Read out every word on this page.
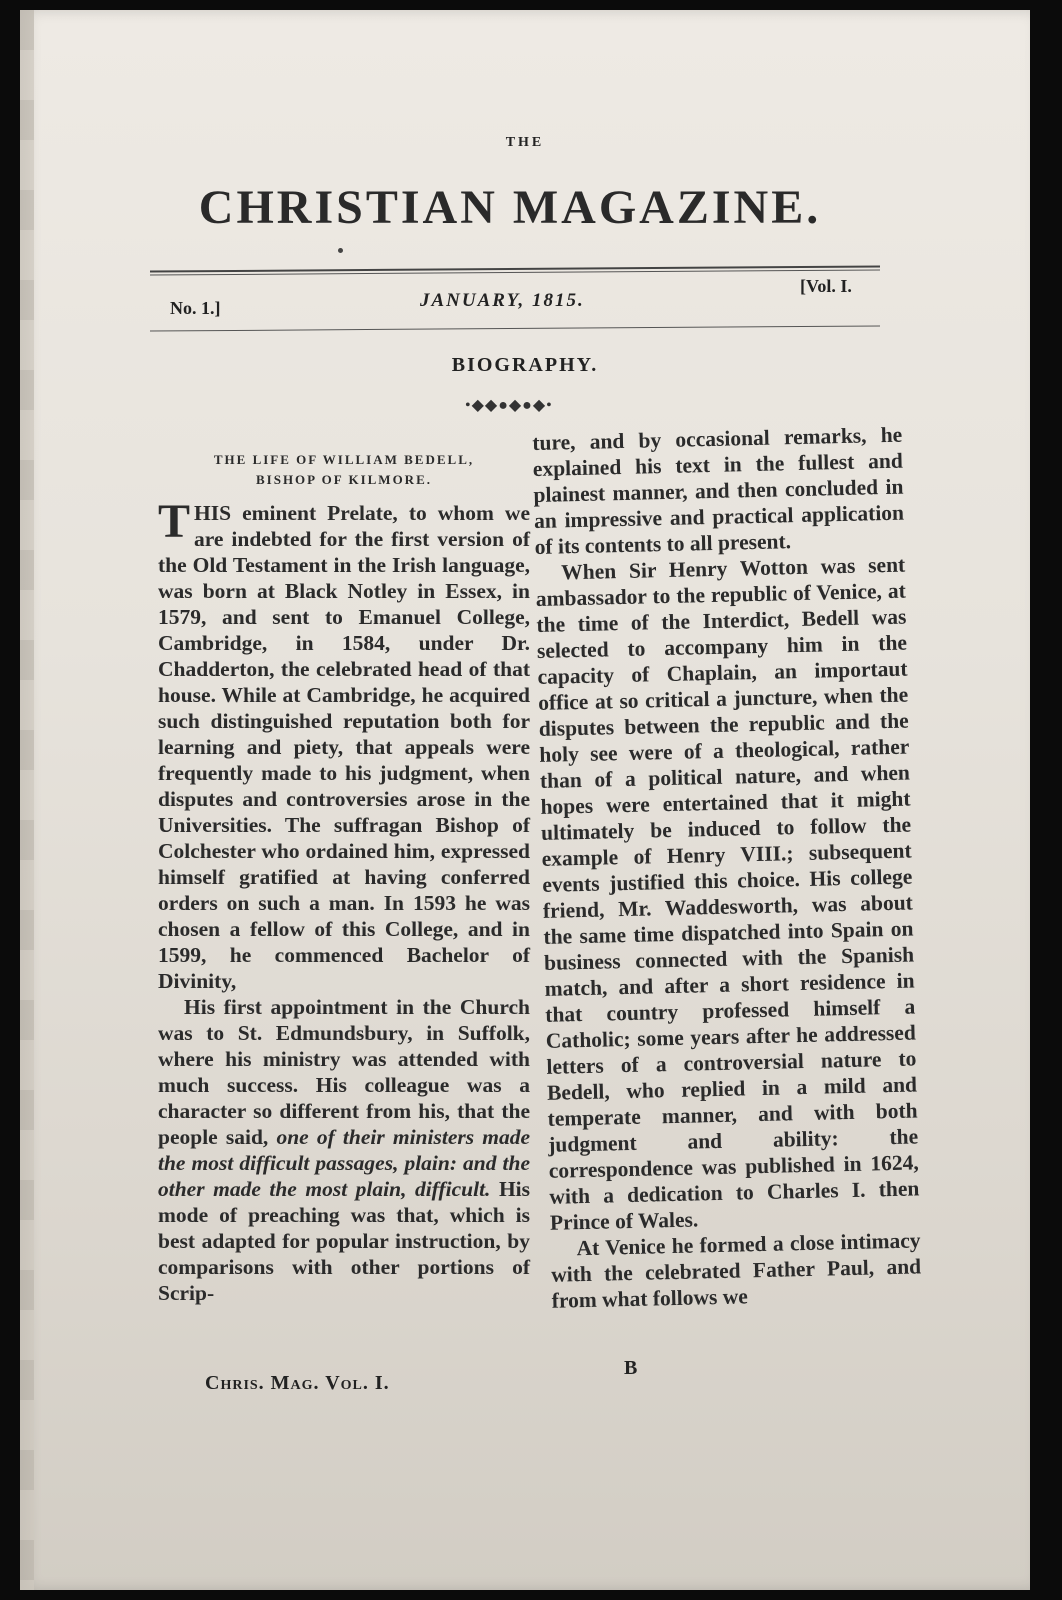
THE
CHRISTIAN MAGAZINE.
No. 1.]	JANUARY, 1815.
[Vol. I.
BIOGRAPHY.
•◆◆●◆●◆•
THE LIFE OF WILLIAM BEDELL,
BISHOP OF KILMORE.

THIS eminent Prelate, to whom we are indebted for the first version of the Old Testament in the Irish language, was born at Black Notley in Essex, in 1579, and sent to Emanuel College, Cambridge, in 1584, under Dr. Chadderton, the celebrated head of that house. While at Cambridge, he acquired such distinguished reputation both for learning and piety, that appeals were frequently made to his judgment, when disputes and controversies arose in the Universities. The suffragan Bishop of Colchester who ordained him, expressed himself gratified at having conferred orders on such a man. In 1593 he was chosen a fellow of this College, and in 1599, he commenced Bachelor of Divinity,

His first appointment in the Church was to St. Edmundsbury, in Suffolk, where his ministry was attended with much success. His colleague was a character so different from his, that the people said, one of their ministers made the most difficult passages, plain: and the other made the most plain, difficult. His mode of preaching was that, which is best adapted for popular instruction, by comparisons with other portions of Scrip-

ture, and by occasional remarks, he explained his text in the fullest and plainest manner, and then concluded in an impressive and practical application of its contents to all present.

When Sir Henry Wotton was sent ambassador to the republic of Venice, at the time of the Interdict, Bedell was selected to accompany him in the capacity of Chaplain, an importaut office at so critical a juncture, when the disputes between the republic and the holy see were of a theological, rather than of a political nature, and when hopes were entertained that it might ultimately be induced to follow the example of Henry VIII.; subsequent events justified this choice. His college friend, Mr. Waddesworth, was about the same time dispatched into Spain on business connected with the Spanish match, and after a short residence in that country professed himself a Catholic; some years after he addressed letters of a controversial nature to Bedell, who replied in a mild and temperate manner, and with both judgment and ability: the correspondence was published in 1624, with a dedication to Charles I. then Prince of Wales.

At Venice he formed a close intimacy with the celebrated Father Paul, and from what follows we

Chris. Mag. Vol. I.
B
